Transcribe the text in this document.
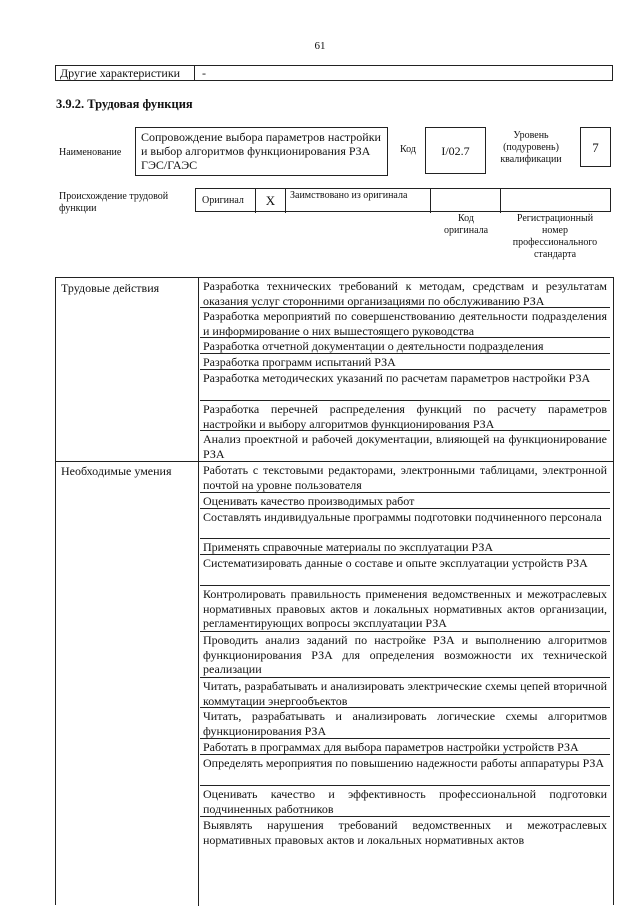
61
Другие характеристики -
3.9.2. Трудовая функция
Наименование
Сопровождение выбора параметров настройки и выбор алгоритмов функционирования РЗА ГЭС/ГАЭС
Код	I/02.7
Уровень (подуровень) квалификации
7
Происхождение трудовой функции
Оригинал	X	Заимствовано из оригинала
Код оригинала
Регистрационный номер профессионального стандарта
Трудовые действия	Разработка технических требований к методам, средствам и результатам оказания услуг сторонними организациями по обслуживанию РЗА
Разработка мероприятий по совершенствованию деятельности подразделения и информирование о них вышестоящего руководства
Разработка отчетной документации о деятельности подразделения
Разработка программ испытаний РЗА
Разработка методических указаний по расчетам параметров настройки РЗА
Разработка перечней распределения функций по расчету параметров настройки и выбору алгоритмов функционирования РЗА
Анализ проектной и рабочей документации, влияющей на функционирование РЗА
Необходимые умения	Работать с текстовыми редакторами, электронными таблицами, электронной почтой на уровне пользователя
Оценивать качество производимых работ
Составлять индивидуальные программы подготовки подчиненного персонала
Применять справочные материалы по эксплуатации РЗА
Систематизировать данные о составе и опыте эксплуатации устройств РЗА
Контролировать правильность применения ведомственных и межотраслевых нормативных правовых актов и локальных нормативных актов организации, регламентирующих вопросы эксплуатации РЗА
Проводить анализ заданий по настройке РЗА и выполнению алгоритмов функционирования РЗА для определения возможности их технической реализации
Читать, разрабатывать и анализировать электрические схемы цепей вторичной коммутации энергообъектов
Читать, разрабатывать и анализировать логические схемы алгоритмов функционирования РЗА
Работать в программах для выбора параметров настройки устройств РЗА
Определять мероприятия по повышению надежности работы аппаратуры РЗА
Оценивать качество и эффективность профессиональной подготовки подчиненных работников
Выявлять нарушения требований ведомственных и межотраслевых нормативных правовых актов и локальных нормативных актов
